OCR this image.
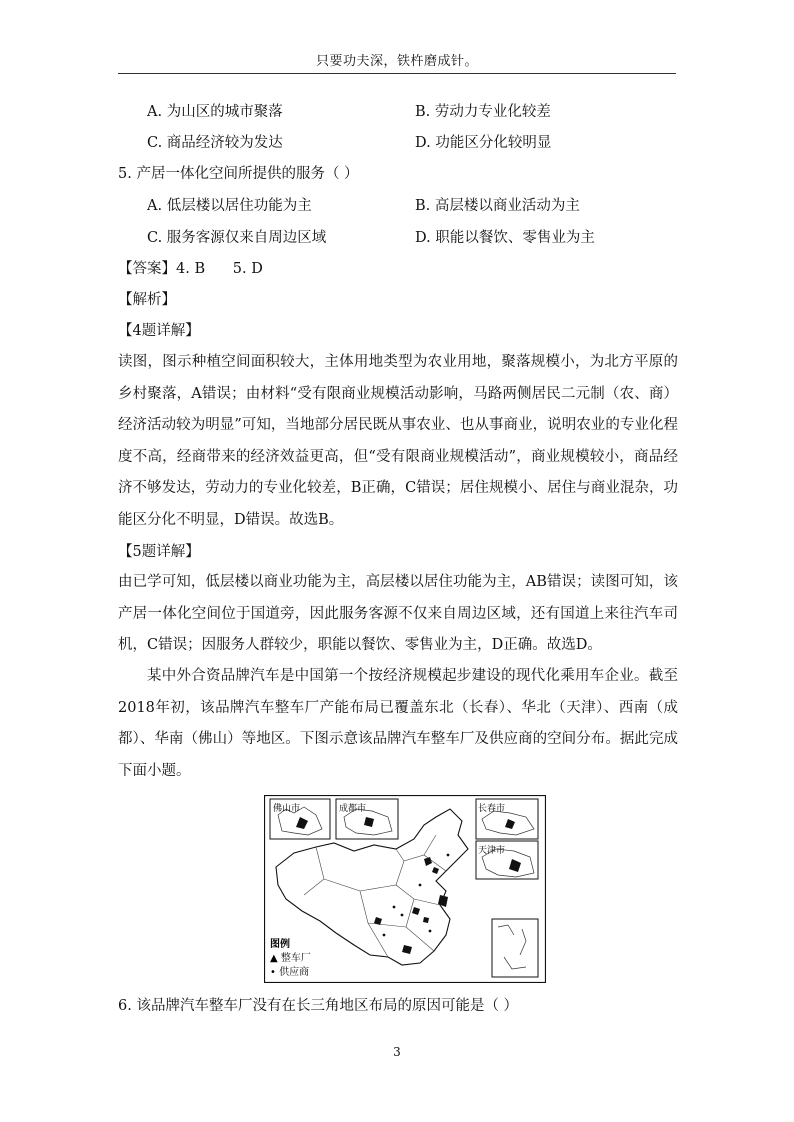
只要功夫深，铁杵磨成针。
A. 为山区的城市聚落	B. 劳动力专业化较差
C. 商品经济较为发达	D. 功能区分化较明显
5. 产居一体化空间所提供的服务（ ）
A. 低层楼以居住功能为主	B. 高层楼以商业活动为主
C. 服务客源仅来自周边区域	D. 职能以餐饮、零售业为主
【答案】4. B      5. D
【解析】
【4题详解】

读图，图示种植空间面积较大，主体用地类型为农业用地，聚落规模小，为北方平原的乡村聚落，A错误；由材料“受有限商业规模活动影响，马路两侧居民二元制（农、商）经济活动较为明显”可知，当地部分居民既从事农业、也从事商业，说明农业的专业化程度不高，经商带来的经济效益更高，但“受有限商业规模活动”，商业规模较小，商品经济不够发达，劳动力的专业化较差，B正确，C错误；居住规模小、居住与商业混杂，功能区分化不明显，D错误。故选B。

【5题详解】

由已学可知，低层楼以商业功能为主，高层楼以居住功能为主，AB错误；读图可知，该产居一体化空间位于国道旁，因此服务客源不仅来自周边区域，还有国道上来往汽车司机，C错误；因服务人群较少，职能以餐饮、零售业为主，D正确。故选D。

某中外合资品牌汽车是中国第一个按经济规模起步建设的现代化乘用车企业。截至2018年初，该品牌汽车整车厂产能布局已覆盖东北（长春）、华北（天津）、西南（成都）、华南（佛山）等地区。下图示意该品牌汽车整车厂及供应商的空间分布。据此完成下面小题。

佛山市	成都市	长春市
天津市
图例
▲ 整车厂
• 供应商
6. 该品牌汽车整车厂没有在长三角地区布局的原因可能是（ ）
3
